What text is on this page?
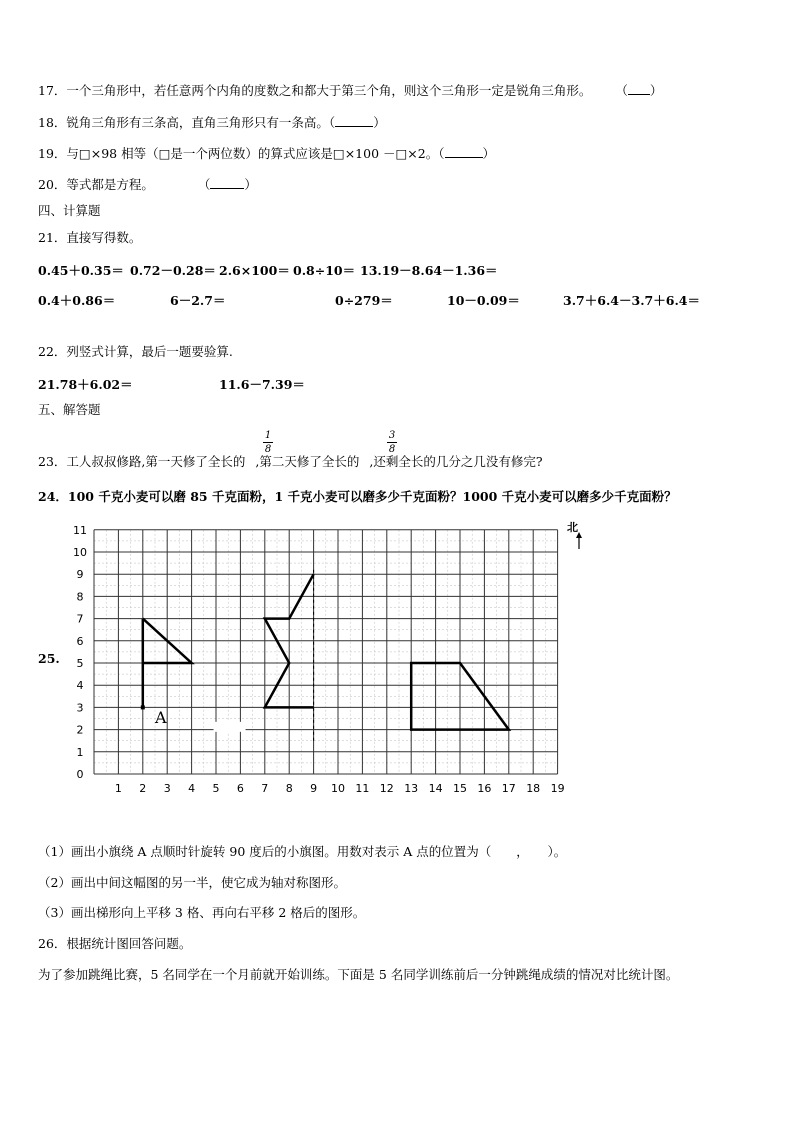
17．一个三角形中，若任意两个内角的度数之和都大于第三个角，则这个三角形一定是锐角三角形。 （ ）
18．锐角三角形有三条高，直角三角形只有一条高。（	）
19．与□×98 相等（□是一个两位数）的算式应该是□×100 －□×2。（	）
20．等式都是方程。	（	）
四、计算题
21．直接写得数。
0.45＋0.35＝ 0.72－0.28＝ 2.6×100＝ 0.8÷10＝ 13.19－8.64－1.36＝
0.4＋0.86＝	6－2.7＝	0÷279＝	10－0.09＝	3.7＋6.4－3.7＋6.4＝
22．列竖式计算，最后一题要验算.
21.78＋6.02＝	11.6－7.39＝
五、解答题
1
8
3
8
23．工人叔叔修路,第一天修了全长的 ,第二天修了全长的 ,还剩全长的几分之几没有修完?
24．100 千克小麦可以磨 85 千克面粉，1 千克小麦可以磨多少千克面粉？1000 千克小麦可以磨多少千克面粉？
25.
1 2 3 4 5 6 7 8 9 10 11 12 13 14 15 16 17 18 19
0
1
2
3
4
5
6
7
8
9
10
11
A
北
（1）画出小旗绕 A 点顺时针旋转 90 度后的小旗图。用数对表示 A 点的位置为（　　，　　）。
（2）画出中间这幅图的另一半，使它成为轴对称图形。
（3）画出梯形向上平移 3 格、再向右平移 2 格后的图形。
26．根据统计图回答问题。
为了参加跳绳比赛，5 名同学在一个月前就开始训练。下面是 5 名同学训练前后一分钟跳绳成绩的情况对比统计图。
